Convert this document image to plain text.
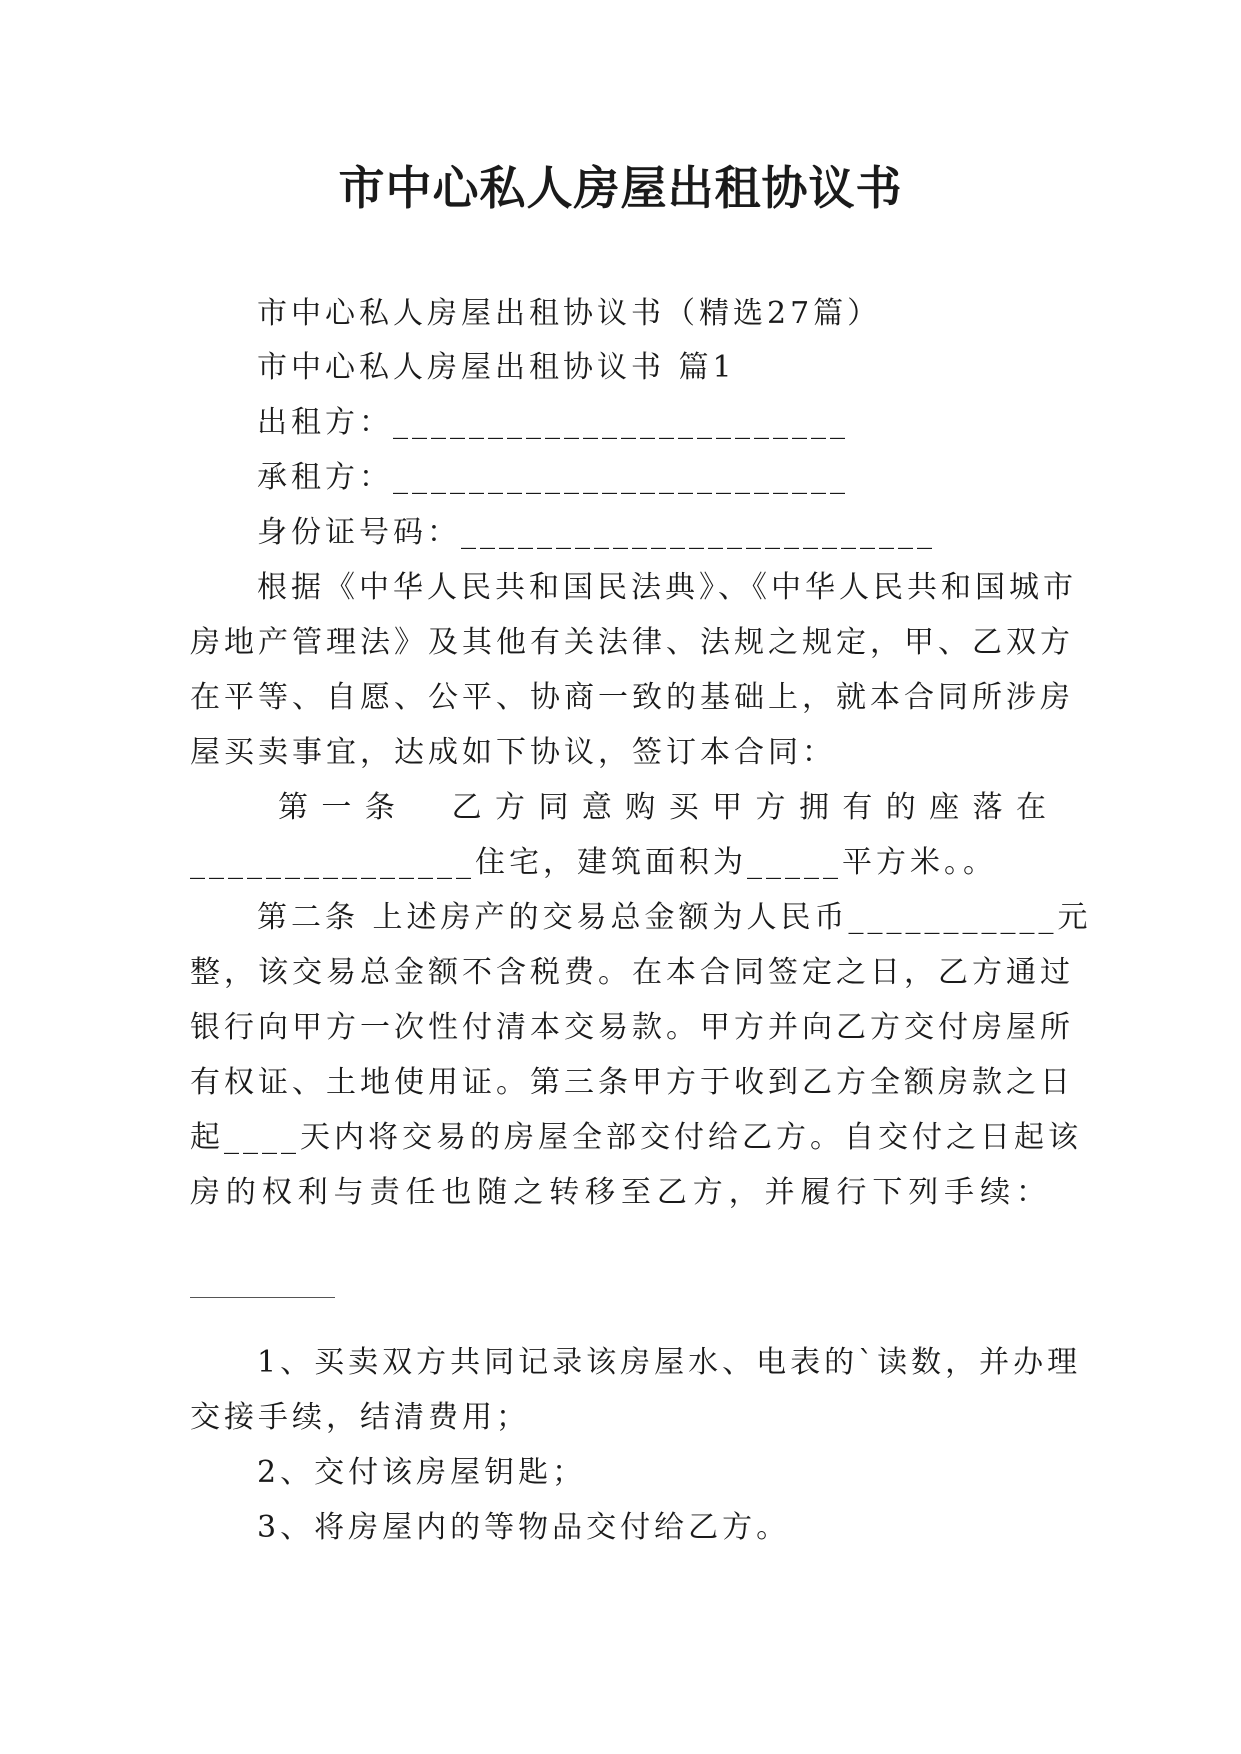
市中心私人房屋出租协议书
市中心私人房屋出租协议书（精选27篇）
市中心私人房屋出租协议书 篇1
出租方：________________________
承租方：________________________
身份证号码：_________________________
根据《中华人民共和国民法典》、《中华人民共和国城市
房地产管理法》及其他有关法律、法规之规定，甲、乙双方
在平等、自愿、公平、协商一致的基础上，就本合同所涉房
屋买卖事宜，达成如下协议，签订本合同：
第一条　乙方同意购买甲方拥有的座落在
_______________住宅，建筑面积为_____平方米。。
第二条 上述房产的交易总金额为人民币___________元
整，该交易总金额不含税费。在本合同签定之日，乙方通过
银行向甲方一次性付清本交易款。甲方并向乙方交付房屋所
有权证、土地使用证。第三条甲方于收到乙方全额房款之日
起____天内将交易的房屋全部交付给乙方。自交付之日起该
房的权利与责任也随之转移至乙方，并履行下列手续：
1、买卖双方共同记录该房屋水、电表的`读数，并办理
交接手续，结清费用；
2、交付该房屋钥匙；
3、将房屋内的等物品交付给乙方。
